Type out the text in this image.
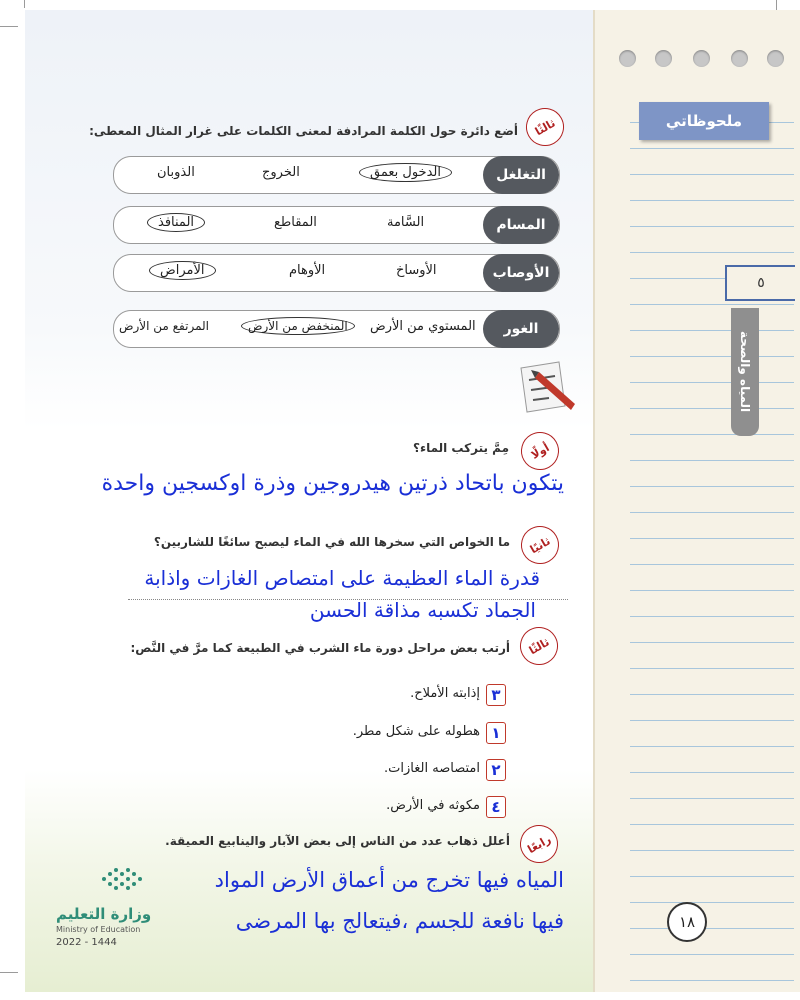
ملحوظاتي
٥
المياه والصحة
ثالثًا
أضع دائرة حول الكلمة المرادفة لمعنى الكلمات على غرار المثال المعطى:
التغلغل
الدخول بعمق
الخروج
الذوبان
المسام
السَّامة
المقاطع
المنافذ
الأوصاب
الأوساخ
الأوهام
الأمراض
الغور
المستوي من الأرض
المنخفض من الأرض
المرتفع من الأرض
أولًا
مِمَّ يتركب الماء؟
يتكون باتحاد ذرتين هيدروجين وذرة اوكسجين واحدة
ثانيًا
ما الخواص التي سخرها الله في الماء ليصبح سائغًا للشاربين؟
قدرة الماء العظيمة على امتصاص الغازات واذابة
الجماد تكسبه مذاقة الحسن
ثالثًا
أرتب بعض مراحل دورة ماء الشرب في الطبيعة كما مرَّ في النَّص:
٣
إذابته الأملاح.
١
هطوله على شكل مطر.
٢
امتصاصه الغازات.
٤
مكوثه في الأرض.
رابعًا
أعلل ذهاب عدد من الناس إلى بعض الآبار والينابيع العميقة.
المياه فيها تخرج من أعماق الأرض المواد
فيها نافعة للجسم ،فيتعالج بها المرضى
وزارة التعليم
Ministry of Education
2022 - 1444
١٨
